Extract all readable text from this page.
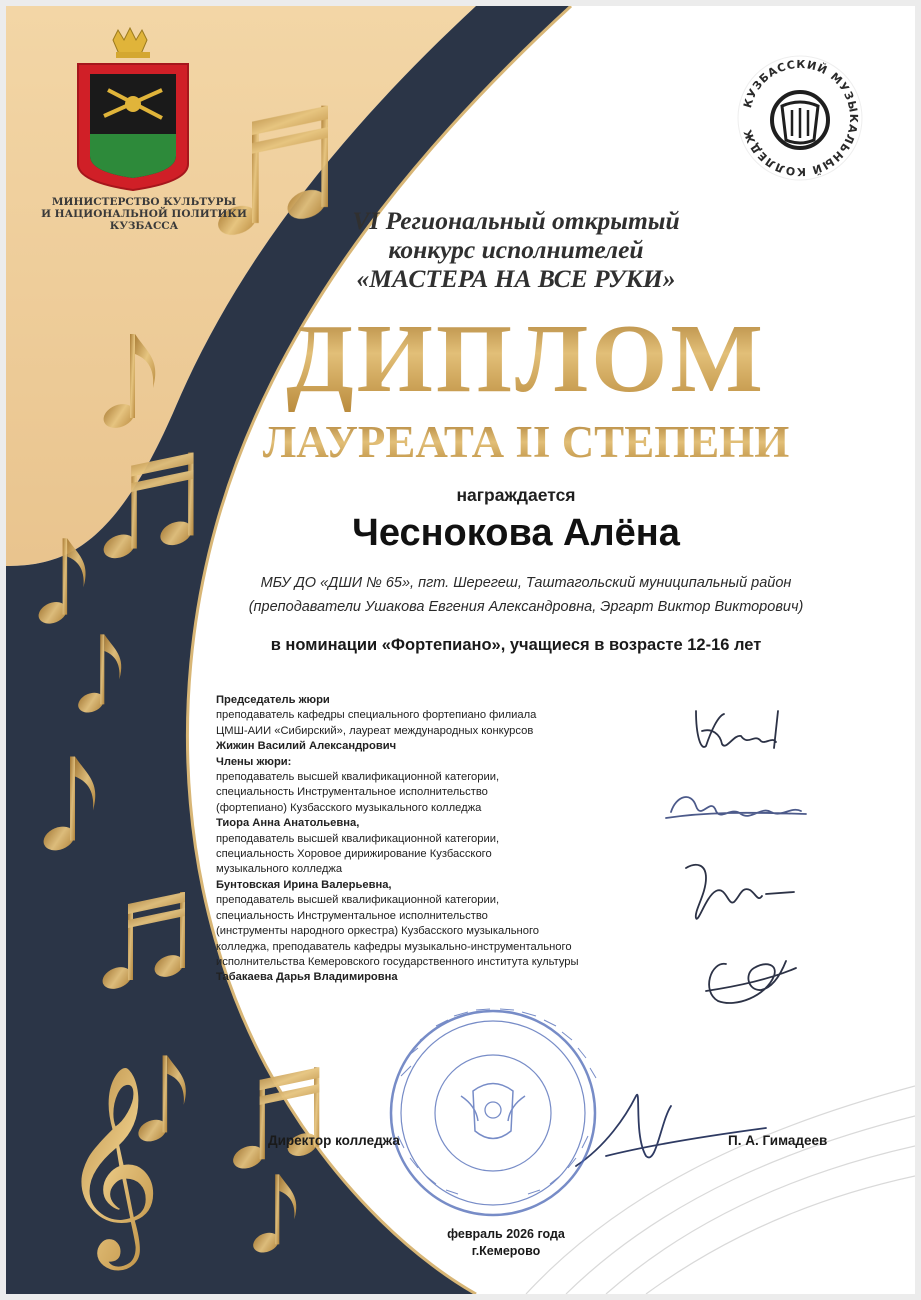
𝄞
КУЗБАССКИЙ МУЗЫКАЛЬНЫЙ КОЛЛЕДЖ
МИНИСТЕРСТВО КУЛЬТУРЫ
И НАЦИОНАЛЬНОЙ ПОЛИТИКИ
КУЗБАССА	VI Региональный открытый
конкурс исполнителей
«МАСТЕРА НА ВСЕ РУКИ»
ДИПЛОМ
ЛАУРЕАТА II СТЕПЕНИ
награждается
Чеснокова Алёна
МБУ ДО «ДШИ № 65», пгт. Шерегеш, Таштагольский муниципальный район
(преподаватели Ушакова Евгения Александровна, Эргарт Виктор Викторович)
в номинации «Фортепиано», учащиеся в возрасте 12-16 лет
Председатель жюри
преподаватель кафедры специального фортепиано филиала
ЦМШ-АИИ «Сибирский», лауреат международных конкурсов
Жижин Василий Александрович
Члены жюри:
преподаватель высшей квалификационной категории,
специальность Инструментальное исполнительство
(фортепиано) Кузбасского музыкального колледжа
Тиора Анна Анатольевна,
преподаватель высшей квалификационной категории,
специальность Хоровое дирижирование Кузбасского
музыкального колледжа
Бунтовская Ирина Валерьевна,
преподаватель высшей квалификационной категории,
специальность Инструментальное исполнительство
(инструменты народного оркестра) Кузбасского музыкального
колледжа, преподаватель кафедры музыкально-инструментального
исполнительства Кемеровского государственного института культуры
Табакаева Дарья Владимировна
Директор колледжа	П. А. Гимадеев
февраль 2026 года
г.Кемерово
